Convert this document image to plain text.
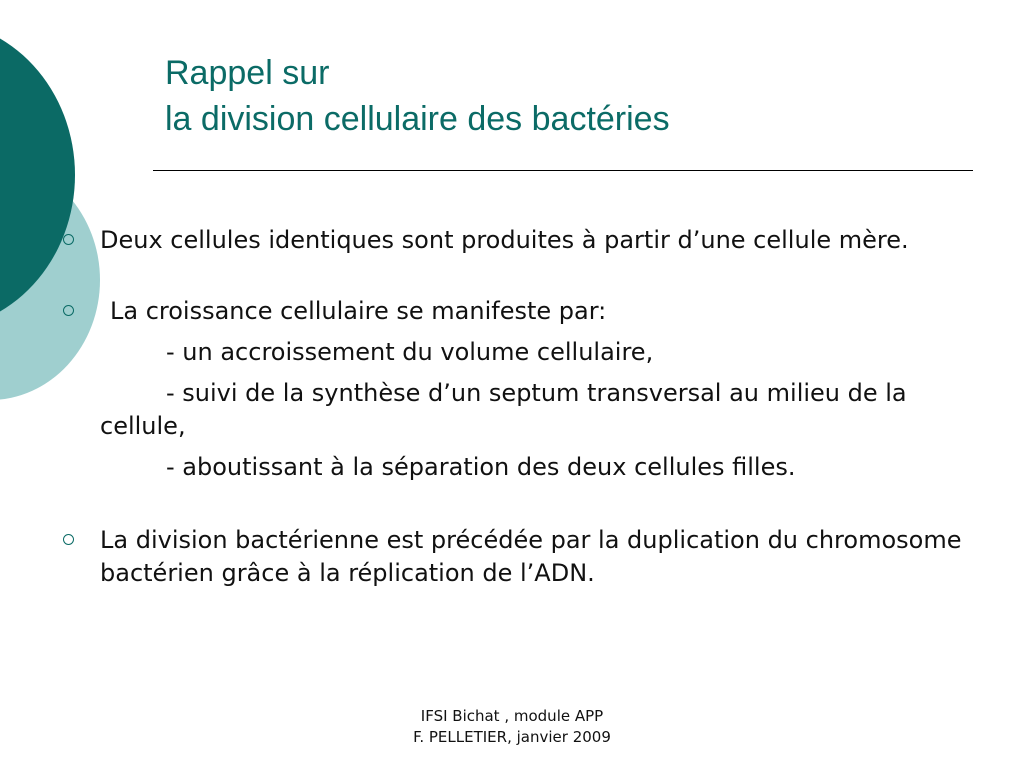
Rappel sur
la division cellulaire des bactéries
Deux cellules identiques sont produites à partir d’une cellule mère.
La croissance cellulaire se manifeste par:
- un accroissement du volume cellulaire,
- suivi de la synthèse d’un septum transversal au milieu de la cellule,
- aboutissant à la séparation des deux cellules filles.
La division bactérienne est précédée par la duplication du chromosome bactérien grâce à la réplication de l’ADN.
IFSI Bichat , module APP
F. PELLETIER, janvier 2009
